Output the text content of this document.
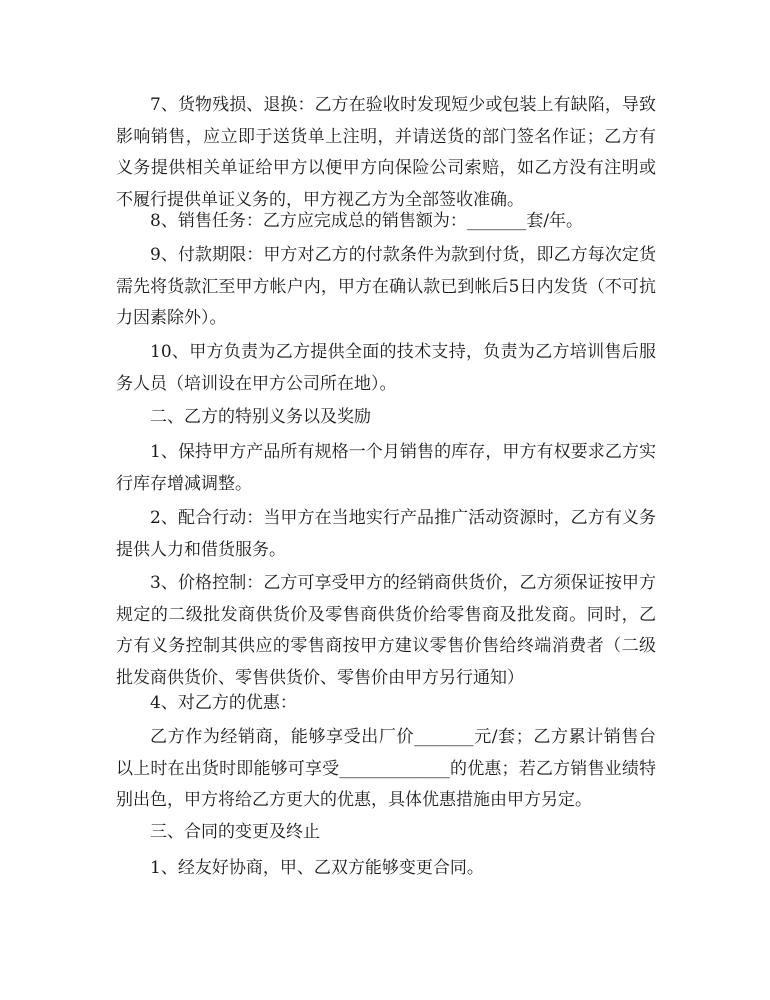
7、货物残损、退换：乙方在验收时发现短少或包装上有缺陷，导致影响销售，应立即于送货单上注明，并请送货的部门签名作证；乙方有义务提供相关单证给甲方以便甲方向保险公司索赔，如乙方没有注明或不履行提供单证义务的，甲方视乙方为全部签收准确。

8、销售任务：乙方应完成总的销售额为：_______套/年。

9、付款期限：甲方对乙方的付款条件为款到付货，即乙方每次定货需先将货款汇至甲方帐户内，甲方在确认款已到帐后5日内发货（不可抗力因素除外）。

10、甲方负责为乙方提供全面的技术支持，负责为乙方培训售后服务人员（培训设在甲方公司所在地）。

二、乙方的特别义务以及奖励

1、保持甲方产品所有规格一个月销售的库存，甲方有权要求乙方实行库存增减调整。

2、配合行动：当甲方在当地实行产品推广活动资源时，乙方有义务提供人力和借货服务。

3、价格控制：乙方可享受甲方的经销商供货价，乙方须保证按甲方规定的二级批发商供货价及零售商供货价给零售商及批发商。同时，乙方有义务控制其供应的零售商按甲方建议零售价售给终端消费者（二级批发商供货价、零售供货价、零售价由甲方另行通知）

4、对乙方的优惠：

乙方作为经销商，能够享受出厂价_______元/套；乙方累计销售台以上时在出货时即能够可享受_____________的优惠；若乙方销售业绩特别出色，甲方将给乙方更大的优惠，具体优惠措施由甲方另定。

三、合同的变更及终止

1、经友好协商，甲、乙双方能够变更合同。
